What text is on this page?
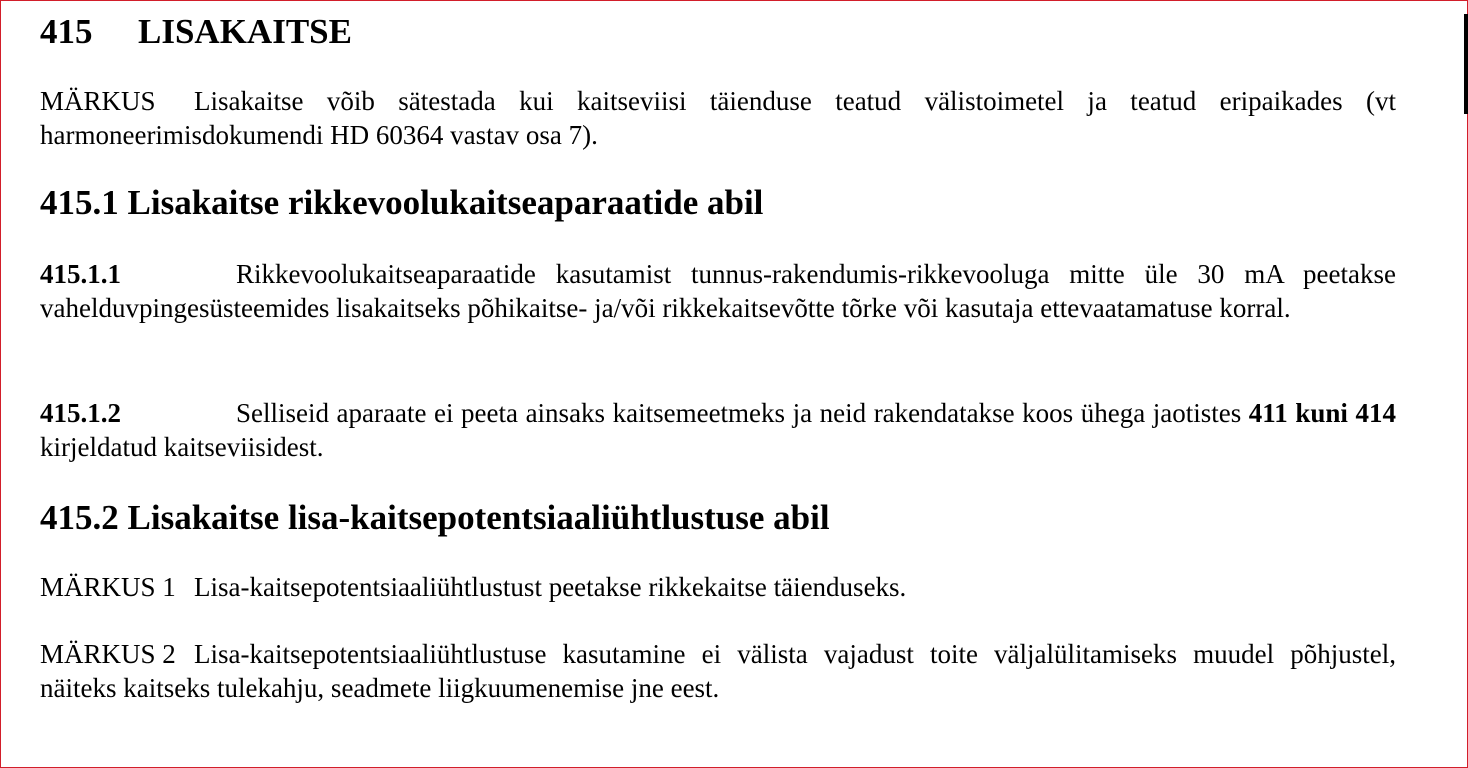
415 LISAKAITSE
MÄRKUS Lisakaitse võib sätestada kui kaitseviisi täienduse teatud välistoimetel ja teatud eripaikades (vt harmoneerimisdokumendi HD 60364 vastav osa 7).
415.1 Lisakaitse rikkevoolukaitseaparaatide abil
415.1.1	Rikkevoolukaitseaparaatide kasutamist tunnus-rakendumis-rikkevooluga mitte üle 30 mA peetakse vahelduvpingesüsteemides lisakaitseks põhikaitse- ja/või rikkekaitsevõtte tõrke või kasutaja ettevaatamatuse korral.
415.1.2	Selliseid aparaate ei peeta ainsaks kaitsemeetmeks ja neid rakendatakse koos ühega jaotistes 411 kuni 414 kirjeldatud kaitseviisidest.
415.2 Lisakaitse lisa-kaitsepotentsiaaliühtlustuse abil
MÄRKUS 1 Lisa-kaitsepotentsiaaliühtlustust peetakse rikkekaitse täienduseks.
MÄRKUS 2 Lisa-kaitsepotentsiaaliühtlustuse kasutamine ei välista vajadust toite väljalülitamiseks muudel põhjustel, näiteks kaitseks tulekahju, seadmete liigkuumenemise jne eest.
